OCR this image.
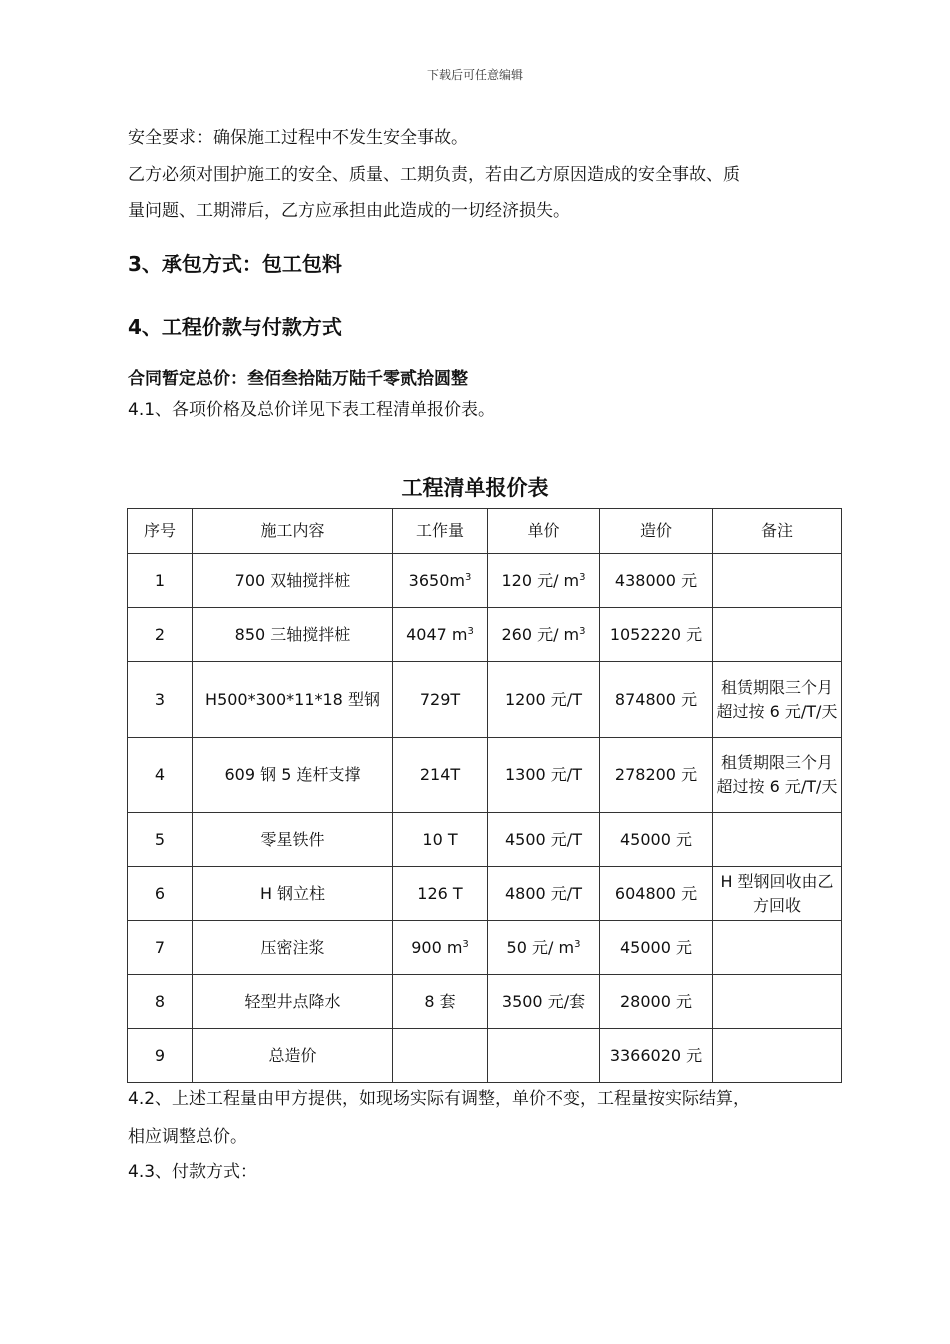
下载后可任意编辑
安全要求：确保施工过程中不发生安全事故。
乙方必须对围护施工的安全、质量、工期负责，若由乙方原因造成的安全事故、质
量问题、工期滞后，乙方应承担由此造成的一切经济损失。
3、承包方式：包工包料
4、工程价款与付款方式
合同暂定总价：叁佰叁拾陆万陆千零贰拾圆整
4.1、各项价格及总价详见下表工程清单报价表。
工程清单报价表
序号	施工内容	工作量	单价	造价	备注
1	700 双轴搅拌桩	$3650m^3$	120 元/ $m^3$	438000 元	
2	850 三轴搅拌桩	4047 $m^3$	260 元/ $m^3$	1052220 元	
3	H500*300*11*18 型钢	729T	1200 元/T	874800 元	租赁期限三个月超过按 6 元/T/天
4	609 钢 5 连杆支撑	214T	1300 元/T	278200 元	租赁期限三个月超过按 6 元/T/天
5	零星铁件	10 T	4500 元/T	45000 元	
6	H 钢立柱	126 T	4800 元/T	604800 元	H 型钢回收由乙方回收
7	压密注浆	900 $m^3$	50 元/ $m^3$	45000 元	
8	轻型井点降水	8 套	3500 元/套	28000 元	
9	总造价			3366020 元	
4.2、上述工程量由甲方提供，如现场实际有调整，单价不变，工程量按实际结算，
相应调整总价。
4.3、付款方式：
